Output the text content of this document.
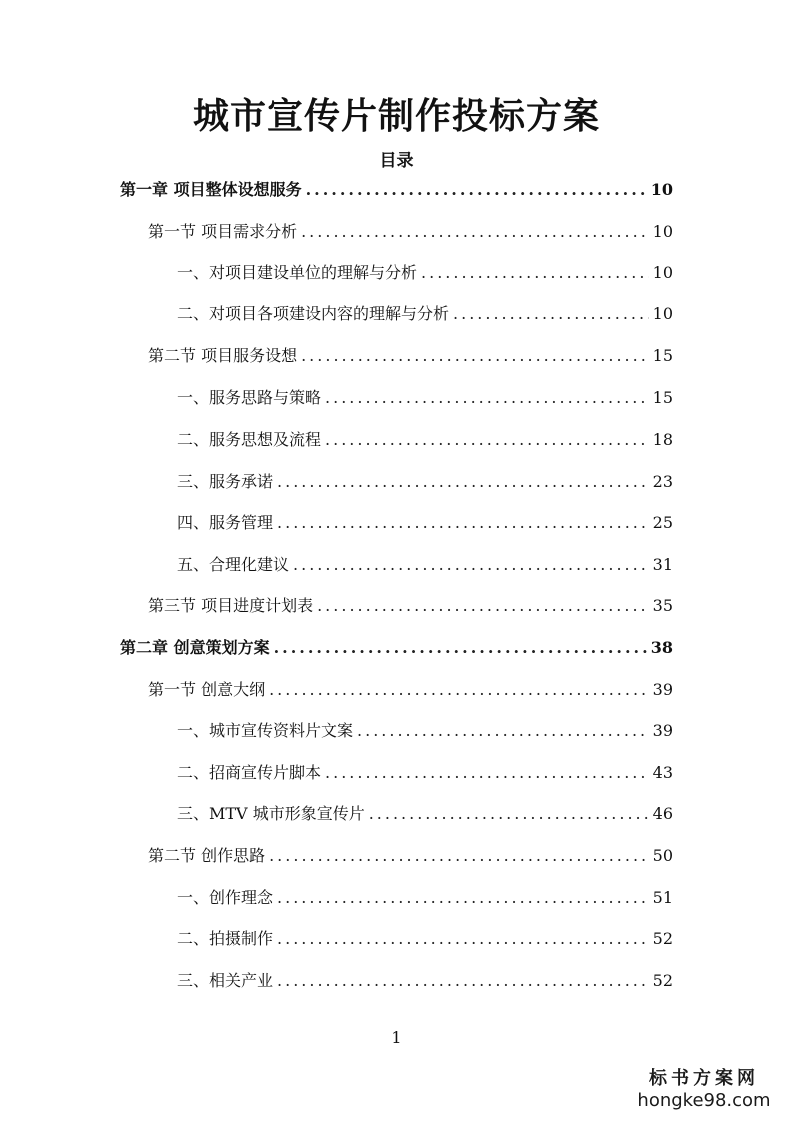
城市宣传片制作投标方案
目录
第一章 项目整体设想服务 .....	10
第一节 项目需求分析 .....	10
一、对项目建设单位的理解与分析 .....	10
二、对项目各项建设内容的理解与分析 .....	10
第二节 项目服务设想 .....	15
一、服务思路与策略 .....	15
二、服务思想及流程 .....	18
三、服务承诺 .....	23
四、服务管理 .....	25
五、合理化建议 .....	31
第三节 项目进度计划表 .....	35
第二章 创意策划方案 .....	38
第一节 创意大纲 .....	39
一、城市宣传资料片文案 .....	39
二、招商宣传片脚本 .....	43
三、MTV 城市形象宣传片 .....	46
第二节 创作思路 .....	50
一、创作理念 .....	51
二、拍摄制作 .....	52
三、相关产业 .....	52
1
标书方案网
hongke98.com
